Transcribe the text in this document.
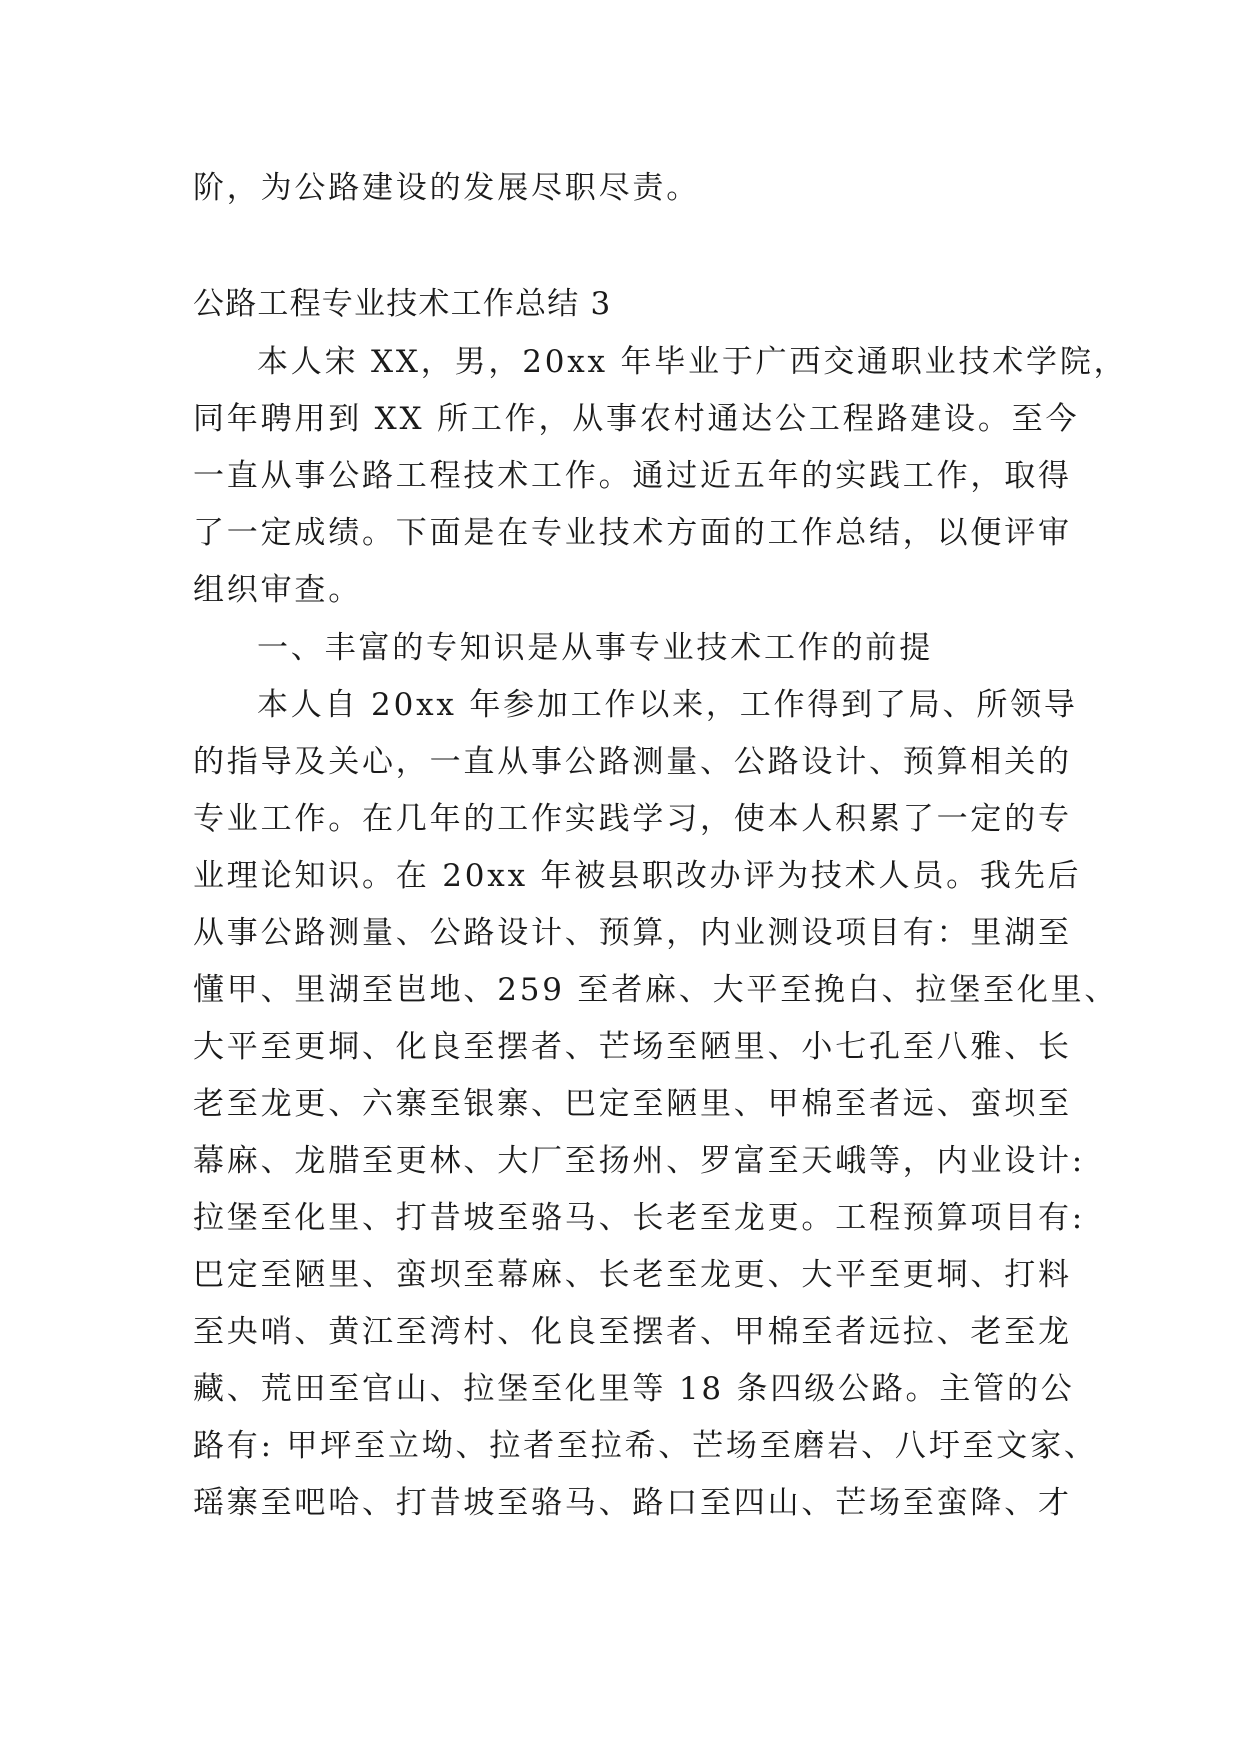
阶，为公路建设的发展尽职尽责。

公路工程专业技术工作总结 3

本人宋 XX，男，20xx 年毕业于广西交通职业技术学院，

同年聘用到 XX 所工作，从事农村通达公工程路建设。至今

一直从事公路工程技术工作。通过近五年的实践工作，取得

了一定成绩。下面是在专业技术方面的工作总结，以便评审

组织审查。

一、丰富的专知识是从事专业技术工作的前提

本人自 20xx 年参加工作以来，工作得到了局、所领导

的指导及关心，一直从事公路测量、公路设计、预算相关的

专业工作。在几年的工作实践学习，使本人积累了一定的专

业理论知识。在 20xx 年被县职改办评为技术人员。我先后

从事公路测量、公路设计、预算，内业测设项目有：里湖至

懂甲、里湖至岜地、259 至者麻、大平至挽白、拉堡至化里、

大平至更垌、化良至摆者、芒场至陋里、小七孔至八雅、长

老至龙更、六寨至银寨、巴定至陋里、甲棉至者远、蛮坝至

幕麻、龙腊至更林、大厂至扬州、罗富至天峨等，内业设计:

拉堡至化里、打昔坡至骆马、长老至龙更。工程预算项目有:

巴定至陋里、蛮坝至幕麻、长老至龙更、大平至更垌、打料

至央哨、黄江至湾村、化良至摆者、甲棉至者远拉、老至龙

藏、荒田至官山、拉堡至化里等 18 条四级公路。主管的公

路有: 甲坪至立坳、拉者至拉希、芒场至磨岩、八圩至文家、

瑶寨至吧哈、打昔坡至骆马、路口至四山、芒场至蛮降、才
